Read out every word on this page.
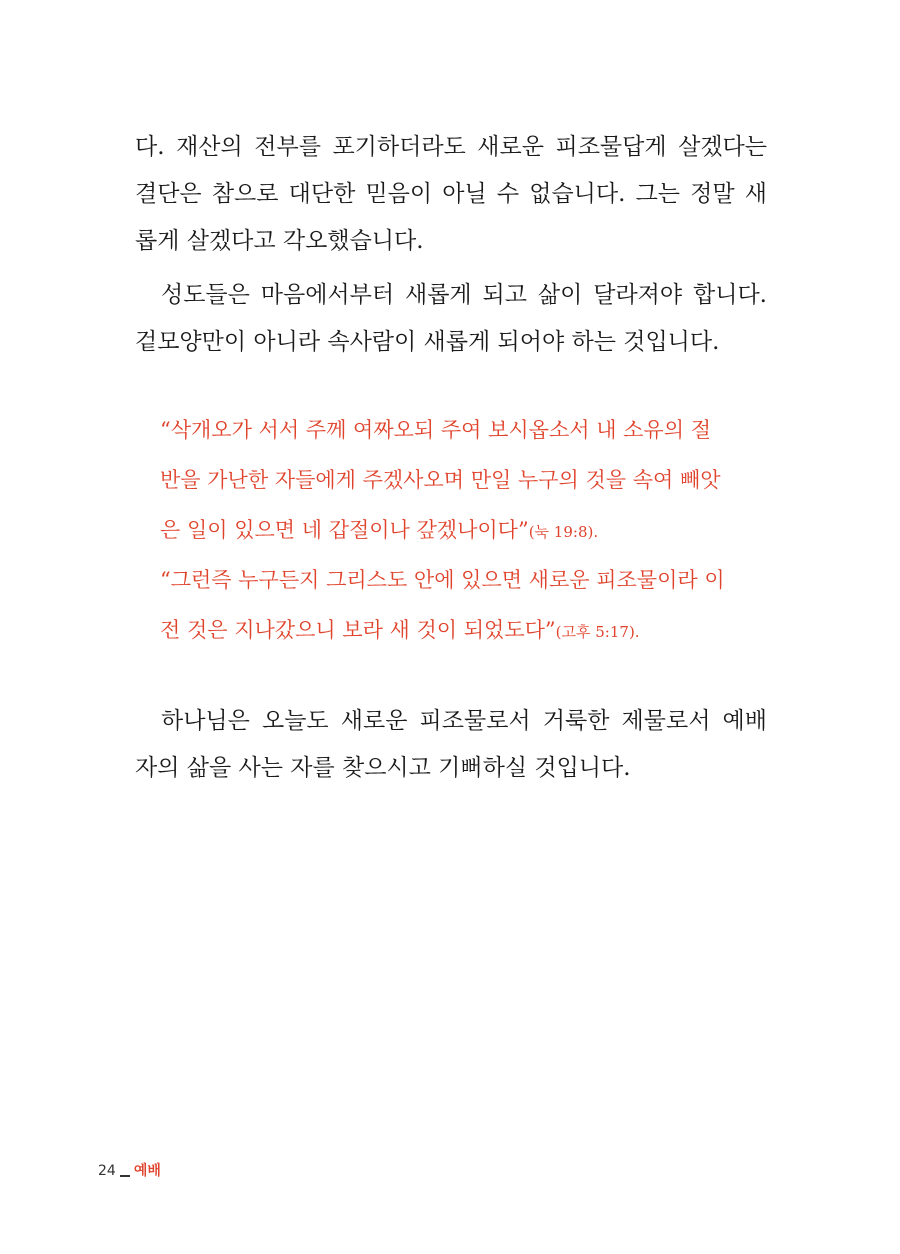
다. 재산의 전부를 포기하더라도 새로운 피조물답게 살겠다는
결단은 참으로 대단한 믿음이 아닐 수 없습니다. 그는 정말 새
롭게 살겠다고 각오했습니다.
성도들은 마음에서부터 새롭게 되고 삶이 달라져야 합니다.
겉모양만이 아니라 속사람이 새롭게 되어야 하는 것입니다.
“삭개오가 서서 주께 여짜오되 주여 보시옵소서 내 소유의 절
반을 가난한 자들에게 주겠사오며 만일 누구의 것을 속여 빼앗
은 일이 있으면 네 갑절이나 갚겠나이다”(눅 19:8).
“그런즉 누구든지 그리스도 안에 있으면 새로운 피조물이라 이
전 것은 지나갔으니 보라 새 것이 되었도다”(고후 5:17).
하나님은 오늘도 새로운 피조물로서 거룩한 제물로서 예배
자의 삶을 사는 자를 찾으시고 기뻐하실 것입니다.
24 예배
